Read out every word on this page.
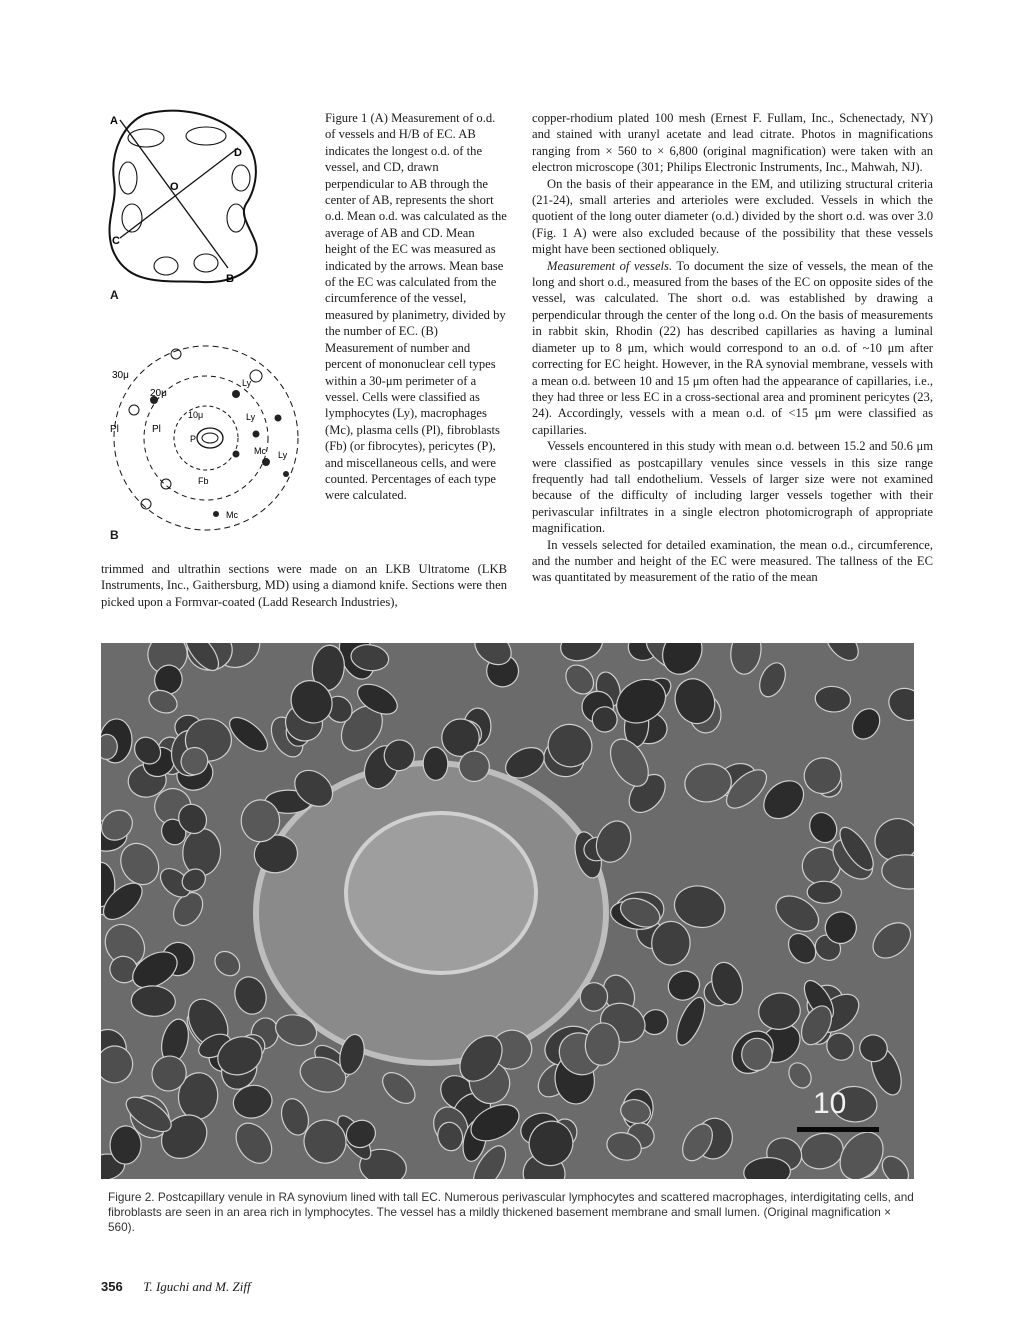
A
D
O
C
B
A
30μ
20μ
10μ
Pl	Pl
P
Ly
Ly
Ly
Mc
Mc
Fb
B

Figure 1 (A) Measurement of o.d. of vessels and H/B of EC. AB indicates the longest o.d. of the vessel, and CD, drawn perpendicular to AB through the center of AB, represents the short o.d. Mean o.d. was calculated as the average of AB and CD. Mean height of the EC was measured as indicated by the arrows. Mean base of the EC was calculated from the circumference of the vessel, measured by planimetry, divided by the number of EC. (B) Measurement of number and percent of mononuclear cell types within a 30-μm perimeter of a vessel. Cells were classified as lymphocytes (Ly), macrophages (Mc), plasma cells (Pl), fibroblasts (Fb) (or fibrocytes), pericytes (P), and miscellaneous cells, and were counted. Percentages of each type were calculated.

trimmed and ultrathin sections were made on an LKB Ultratome (LKB Instruments, Inc., Gaithersburg, MD) using a diamond knife. Sections were then picked upon a Formvar-coated (Ladd Research Industries),

copper-rhodium plated 100 mesh (Ernest F. Fullam, Inc., Schenectady, NY) and stained with uranyl acetate and lead citrate. Photos in magnifications ranging from × 560 to × 6,800 (original magnification) were taken with an electron microscope (301; Philips Electronic Instruments, Inc., Mahwah, NJ).

On the basis of their appearance in the EM, and utilizing structural criteria (21-24), small arteries and arterioles were excluded. Vessels in which the quotient of the long outer diameter (o.d.) divided by the short o.d. was over 3.0 (Fig. 1 A) were also excluded because of the possibility that these vessels might have been sectioned obliquely.

Measurement of vessels. To document the size of vessels, the mean of the long and short o.d., measured from the bases of the EC on opposite sides of the vessel, was calculated. The short o.d. was established by drawing a perpendicular through the center of the long o.d. On the basis of measurements in rabbit skin, Rhodin (22) has described capillaries as having a luminal diameter up to 8 μm, which would correspond to an o.d. of ~10 μm after correcting for EC height. However, in the RA synovial membrane, vessels with a mean o.d. between 10 and 15 μm often had the appearance of capillaries, i.e., they had three or less EC in a cross-sectional area and prominent pericytes (23, 24). Accordingly, vessels with a mean o.d. of <15 μm were classified as capillaries.

Vessels encountered in this study with mean o.d. between 15.2 and 50.6 μm were classified as postcapillary venules since vessels in this size range frequently had tall endothelium. Vessels of larger size were not examined because of the difficulty of including larger vessels together with their perivascular infiltrates in a single electron photomicrograph of appropriate magnification.

In vessels selected for detailed examination, the mean o.d., circumference, and the number and height of the EC were measured. The tallness of the EC was quantitated by measurement of the ratio of the mean

10
Figure 2. Postcapillary venule in RA synovium lined with tall EC. Numerous perivascular lymphocytes and scattered macrophages, interdigitating cells, and fibroblasts are seen in an area rich in lymphocytes. The vessel has a mildly thickened basement membrane and small lumen. (Original magnification × 560).
356 T. Iguchi and M. Ziff
